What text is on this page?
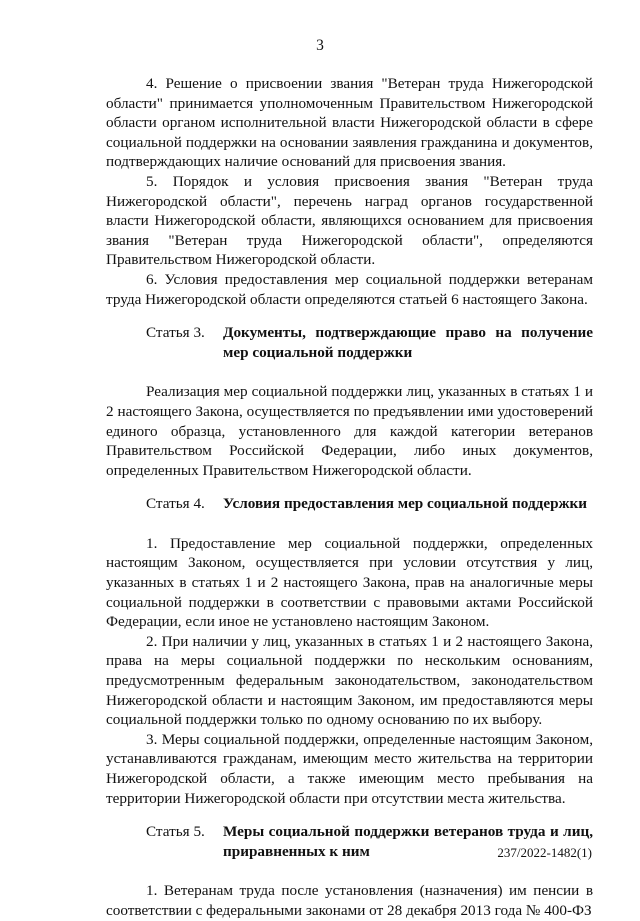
3

4. Решение о присвоении звания "Ветеран труда Нижегородской области" принимается уполномоченным Правительством Нижегородской области органом исполнительной власти Нижегородской области в сфере социальной поддержки на основании заявления гражданина и документов, подтверждающих наличие оснований для присвоения звания.

5. Порядок и условия присвоения звания "Ветеран труда Нижегородской области", перечень наград органов государственной власти Нижегородской области, являющихся основанием для присвоения звания "Ветеран труда Нижегородской области", определяются Правительством Нижегородской области.

6. Условия предоставления мер социальной поддержки ветеранам труда Нижегородской области определяются статьей 6 настоящего Закона.

Статья 3.	Документы, подтверждающие право на получение мер социальной поддержки

Реализация мер социальной поддержки лиц, указанных в статьях 1 и 2 настоящего Закона, осуществляется по предъявлении ими удостоверений единого образца, установленного для каждой категории ветеранов Правительством Российской Федерации, либо иных документов, определенных Правительством Нижегородской области.

Статья 4.	Условия предоставления мер социальной поддержки

1. Предоставление мер социальной поддержки, определенных настоящим Законом, осуществляется при условии отсутствия у лиц, указанных в статьях 1 и 2 настоящего Закона, прав на аналогичные меры социальной поддержки в соответствии с правовыми актами Российской Федерации, если иное не установлено настоящим Законом.

2. При наличии у лиц, указанных в статьях 1 и 2 настоящего Закона, права на меры социальной поддержки по нескольким основаниям, предусмотренным федеральным законодательством, законодательством Нижегородской области и настоящим Законом, им предоставляются меры социальной поддержки только по одному основанию по их выбору.

3. Меры социальной поддержки, определенные настоящим Законом, устанавливаются гражданам, имеющим место жительства на территории Нижегородской области, а также имеющим место пребывания на территории Нижегородской области при отсутствии места жительства.

Статья 5.	Меры социальной поддержки ветеранов труда и лиц, приравненных к ним

1. Ветеранам труда после установления (назначения) им пенсии в соответствии с федеральными законами от 28 декабря 2013 года № 400-ФЗ

237/2022-1482(1)
